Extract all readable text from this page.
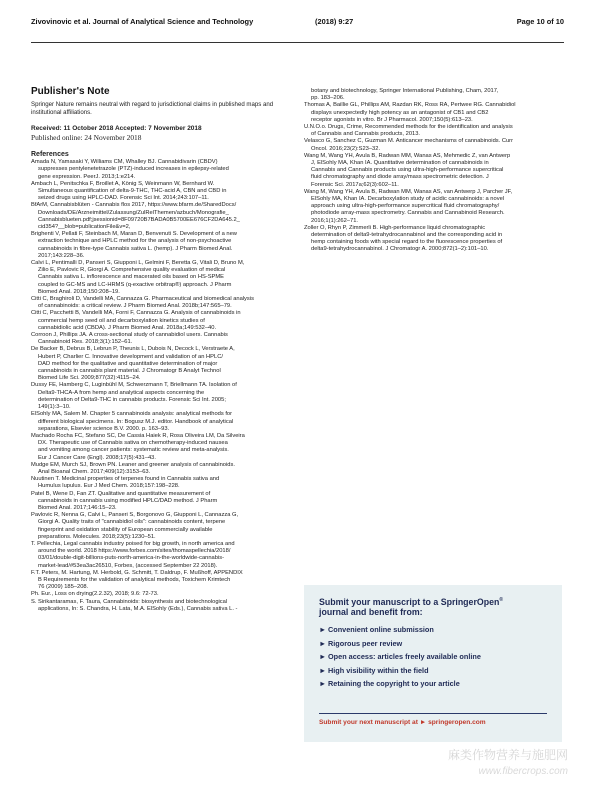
Zivovinovic et al. Journal of Analytical Science and Technology	(2018) 9:27	Page 10 of 10
Publisher's Note

Springer Nature remains neutral with regard to jurisdictional claims in published maps and institutional affiliations.

Received: 11 October 2018 Accepted: 7 November 2018
Published online: 24 November 2018
References

Amada N, Yamasaki Y, Williams CM, Whalley BJ. Cannabidivarin (CBDV)
suppresses pentylenetetrazole (PTZ)-induced increases in epilepsy-related
gene expression. PeerJ. 2013;1:e214.

Ambach L, Penitschka F, Broillet A, König S, Weinmann W, Bernhard W.
Simultaneous quantification of delta-9-THC, THC-acid A, CBN and CBD in
seized drugs using HPLC-DAD. Forensic Sci Int. 2014;243:107–11.

BfArM, Cannabisblüten - Cannabis flos 2017, https://www.bfarm.de/SharedDocs/
Downloads/DE/Arzneimittel/Zulassung/ZulRelThemen/azbuch/Monografie_
Cannabisblueten.pdf;jsessionid=8F09720B7BADA0B5700EE676CF2DA645.2_
cid354?__blob=publicationFile&v=2,

Brighenti V, Pellati F, Steinbach M, Maran D, Benvenuti S. Development of a new
extraction technique and HPLC method for the analysis of non-psychoactive
cannabinoids in fibre-type Cannabis sativa L. (hemp). J Pharm Biomed Anal.
2017;143:228–36.

Calvi L, Pentimalli D, Panseri S, Giupponi L, Gelmini F, Beretta G, Vitali D, Bruno M,
Zilio E, Pavlovic R, Giorgi A. Comprehensive quality evaluation of medical
Cannabis sativa L. inflorescence and macerated oils based on HS-SPME
coupled to GC-MS and LC-HRMS (q-exactive orbitrap®) approach. J Pharm
Biomed Anal. 2018;150:208–19.

Citti C, Braghiroli D, Vandelli MA, Cannazza G. Pharmaceutical and biomedical analysis
of cannabinoids: a critical review. J Pharm Biomed Anal. 2018b;147:565–79.

Citti C, Pacchetti B, Vandelli MA, Forni F, Cannazza G. Analysis of cannabinoids in
commercial hemp seed oil and decarboxylation kinetics studies of
cannabidiolic acid (CBDA). J Pharm Biomed Anal. 2018a;149:532–40.

Corroon J, Phillips JA. A cross-sectional study of cannabidiol users. Cannabis
Cannabinoid Res. 2018;3(1):152–61.

De Backer B, Debrus B, Lebrun P, Theunis L, Dubois N, Decock L, Verstraete A,
Hubert P, Charlier C. Innovative development and validation of an HPLC/
DAD method for the qualitative and quantitative determination of major
cannabinoids in cannabis plant material. J Chromatogr B Analyt Technol
Biomed Life Sci. 2009;877(32):4115–24.

Dussy FE, Hamberg C, Luginbühl M, Schwerzmann T, Briellmann TA. Isolation of
Delta9-THCA-A from hemp and analytical aspects concerning the
determination of Delta9-THC in cannabis products. Forensic Sci Int. 2005;
149(1):3–10.

ElSohly MA, Salem M. Chapter 5 cannabinoids analysis: analytical methods for
different biological specimens. In: Bogusz M.J. editor. Handbook of analytical
separations, Elsevier science B.V. 2000. p. 163–93.

Machado Rocha FC, Stefano SC, De Cassia Haiek R, Rosa Oliveira LM, Da Silveira
DX. Therapeutic use of Cannabis sativa on chemotherapy-induced nausea
and vomiting among cancer patients: systematic review and meta-analysis.
Eur J Cancer Care (Engl). 2008;17(5):431–43.

Mudge EM, Murch SJ, Brown PN. Leaner and greener analysis of cannabinoids.
Anal Bioanal Chem. 2017;409(12):3153–63.

Nuutinen T. Medicinal properties of terpenes found in Cannabis sativa and
Humulus lupulus. Eur J Med Chem. 2018;157:198–228.

Patel B, Wene D, Fan ZT. Qualitative and quantitative measurement of
cannabinoids in cannabis using modified HPLC/DAD method. J Pharm
Biomed Anal. 2017;146:15–23.

Pavlovic R, Nenna G, Calvi L, Panseri S, Borgonovo G, Giupponi L, Cannazza G,
Giorgi A. Quality traits of "cannabidiol oils": cannabinoids content, terpene
fingerprint and oxidation stability of European commercially available
preparations. Molecules. 2018;23(5):1230–51.

T. Pellechia, Legal cannabis industry poised for big growth, in north america and
around the world. 2018 https://www.forbes.com/sites/thomaspellechia/2018/
03/01/double-digit-billions-puts-north-america-in-the-worldwide-cannabis-
market-lead/#53ea3ac26510, Forbes, (accessed September 22 2018).

F.T. Peters, M. Hartung, M. Herbold, G. Schmitt, T. Daldrup, F. Mußhoff, APPENDIX
B Requirements for the validation of analytical methods, Toxichem Krimtech
76 (2009) 185–208.

Ph. Eur., Loss on drying(2.2.32), 2018; 9.6: 72-73.

S. Sirikantaramas, F. Taura, Cannabinoids: biosynthesis and biotechnological
applications, In: S. Chandra, H. Lata, M.A. ElSohly (Eds.), Cannabis sativa L. -

botany and biotechnology, Springer International Publishing, Cham, 2017,
pp. 183–206.

Thomas A, Baillie GL, Phillips AM, Razdan RK, Ross RA, Pertwee RG. Cannabidiol
displays unexpectedly high potency as an antagonist of CB1 and CB2
receptor agonists in vitro. Br J Pharmacol. 2007;150(5):613–23.

U.N.O.o. Drugs, Crime, Recommended methods for the identification and analysis
of Cannabis and Cannabis products, 2013.

Velasco G, Sanchez C, Guzman M. Anticancer mechanisms of cannabinoids. Curr
Oncol. 2016;23(2):S23–32.

Wang M, Wang YH, Avula B, Radwan MM, Wanas AS, Mehmedic Z, van Antwerp
J, ElSohly MA, Khan IA. Quantitative determination of cannabinoids in
Cannabis and Cannabis products using ultra-high-performance supercritical
fluid chromatography and diode array/mass spectrometric detection. J
Forensic Sci. 2017a;62(3):602–11.

Wang M, Wang YH, Avula B, Radwan MM, Wanas AS, van Antwerp J, Parcher JF,
ElSohly MA, Khan IA. Decarboxylation study of acidic cannabinoids: a novel
approach using ultra-high-performance supercritical fluid chromatography/
photodiode array-mass spectrometry. Cannabis and Cannabinoid Research.
2016;1(1):262–71.

Zoller O, Rhyn P, Zimmerli B. High-performance liquid chromatographic
determination of delta9-tetrahydrocannabinol and the corresponding acid in
hemp containing foods with special regard to the fluorescence properties of
delta9-tetrahydrocannabinol. J Chromatogr A. 2000;872(1–2):101–10.

Submit your manuscript to a SpringerOpen®
journal and benefit from:
► Convenient online submission
► Rigorous peer review
► Open access: articles freely available online
► High visibility within the field
► Retaining the copyright to your article
Submit your next manuscript at ► springeropen.com
麻类作物营养与施肥网
www.fibercrops.com
